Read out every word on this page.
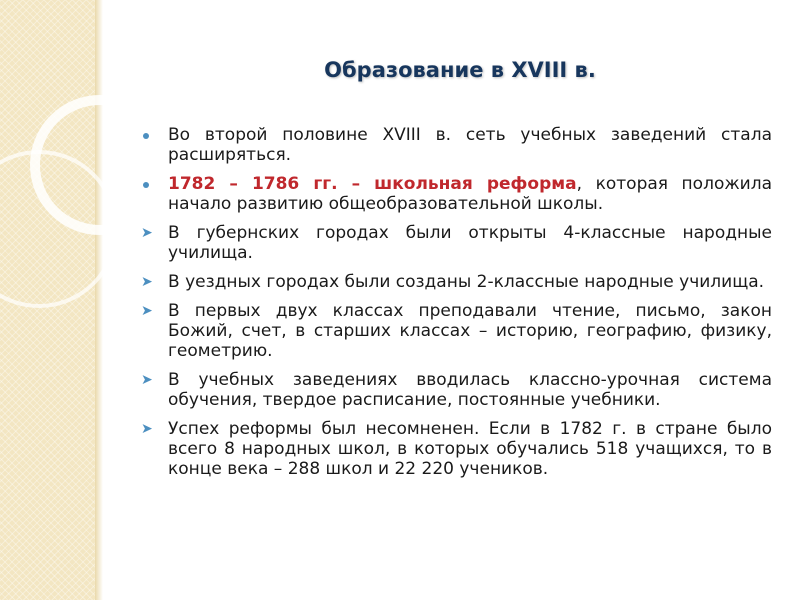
Образование в XVIII в.
Во второй половине XVIII в. сеть учебных заведений стала расширяться.
1782 – 1786 гг. – школьная реформа, которая положила начало развитию общеобразовательной школы.
➤ В губернских городах были открыты 4-классные народные училища.
➤ В уездных городах были созданы 2-классные народные училища.
➤ В первых двух классах преподавали чтение, письмо, закон Божий, счет, в старших классах – историю, географию, физику, геометрию.
➤ В учебных заведениях вводилась классно-урочная система обучения, твердое расписание, постоянные учебники.
➤ Успех реформы был несомненен. Если в 1782 г. в стране было всего 8 народных школ, в которых обучались 518 учащихся, то в конце века – 288 школ и 22 220 учеников.
